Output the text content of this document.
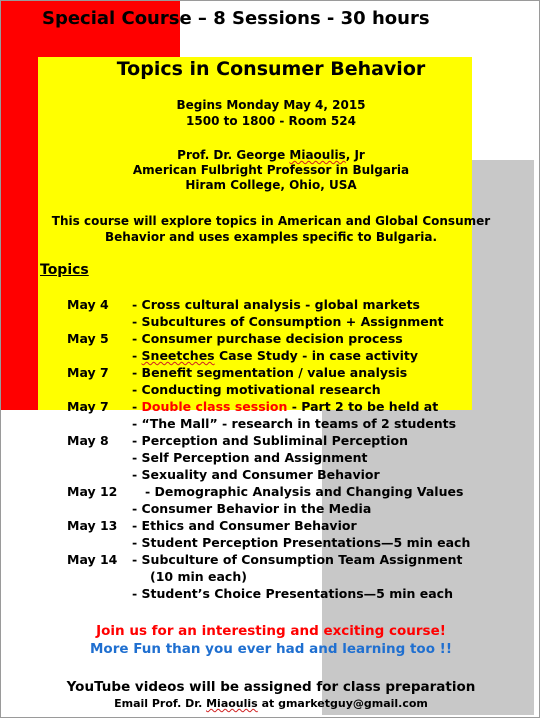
Special Course – 8 Sessions - 30 hours
Topics in Consumer Behavior
Begins Monday May 4, 2015
1500 to 1800 - Room 524
Prof. Dr. George Miaoulis, Jr
American Fulbright Professor in Bulgaria
Hiram College, Ohio, USA
This course will explore topics in American and Global Consumer
Behavior and uses examples specific to Bulgaria.
Topics
May 4 - Cross cultural analysis - global markets
- Subcultures of Consumption + Assignment
May 5 - Consumer purchase decision process
- Sneetches Case Study - in case activity
May 7 - Benefit segmentation / value analysis
- Conducting motivational research
May 7 - Double class session - Part 2 to be held at
- “The Mall” - research in teams of 2 students
May 8 - Perception and Subliminal Perception
- Self Perception and Assignment
- Sexuality and Consumer Behavior
May 12 - Demographic Analysis and Changing Values
- Consumer Behavior in the Media
May 13 - Ethics and Consumer Behavior
- Student Perception Presentations—5 min each
May 14 - Subculture of Consumption Team Assignment
(10 min each)
- Student’s Choice Presentations—5 min each
Join us for an interesting and exciting course!
More Fun than you ever had and learning too !!
YouTube videos will be assigned for class preparation
Email Prof. Dr. Miaoulis at gmarketguy@gmail.com
